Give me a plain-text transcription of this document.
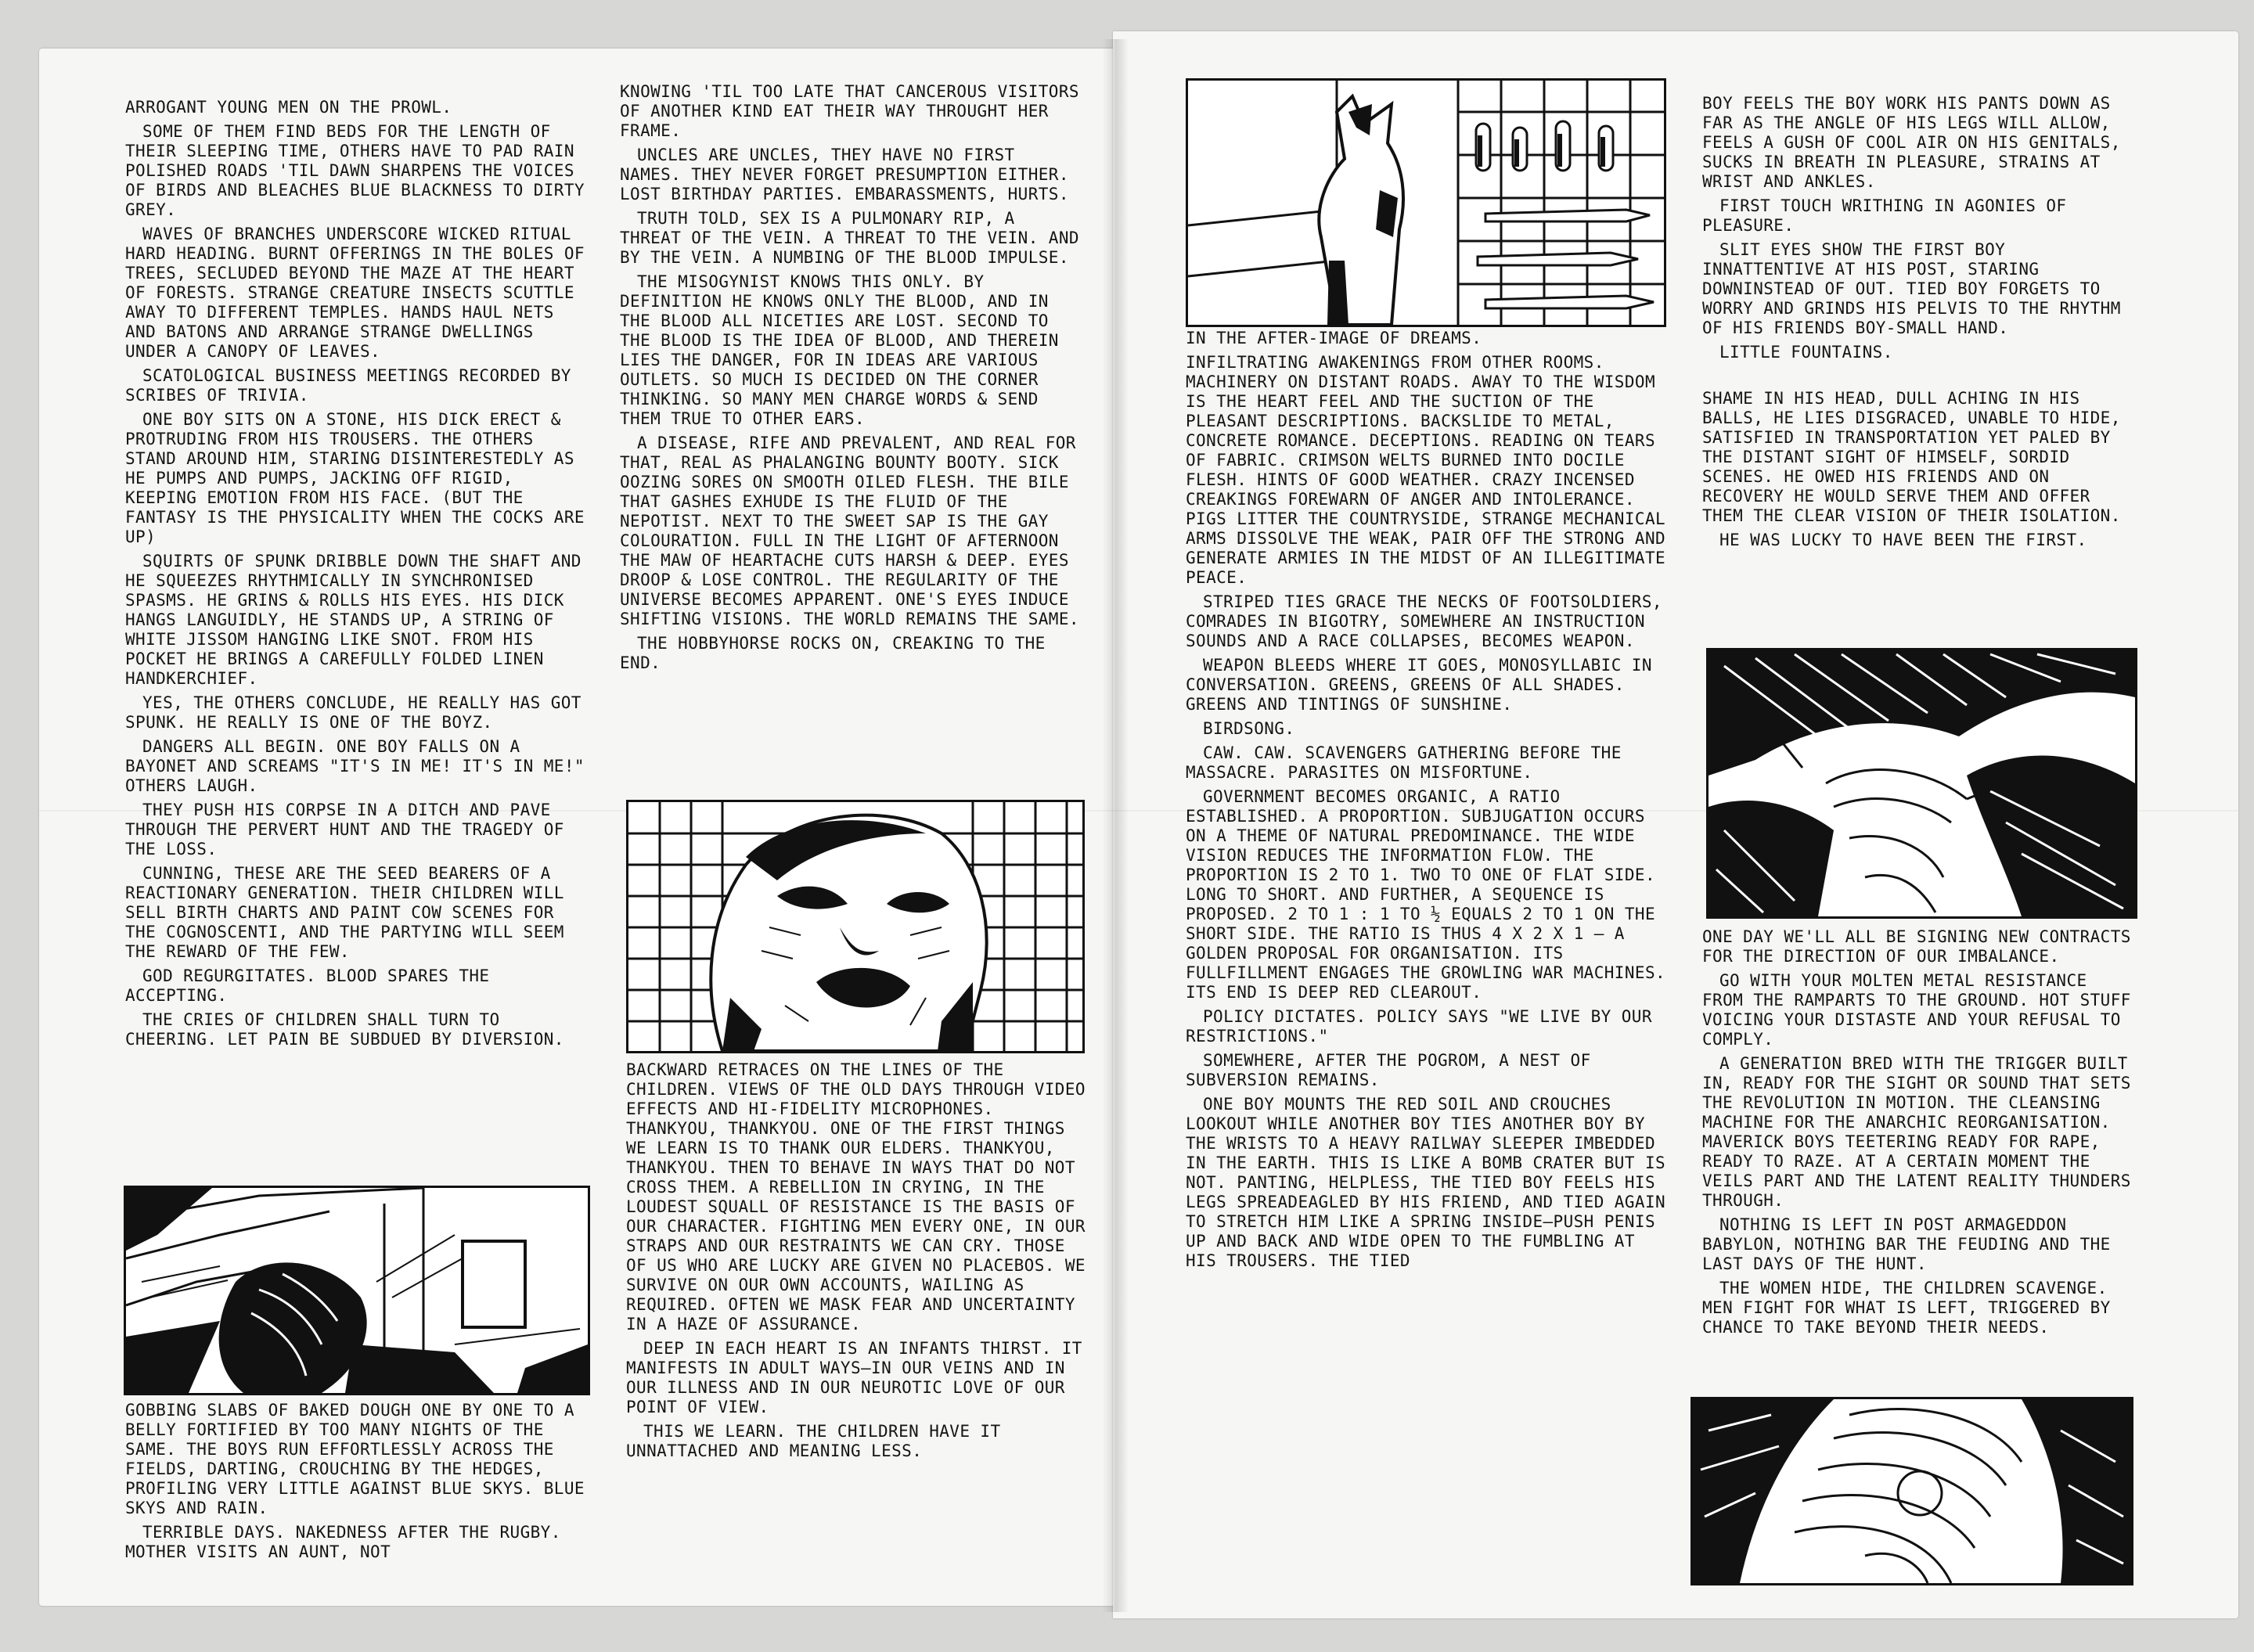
ARROGANT YOUNG MEN ON THE PROWL.

SOME OF THEM FIND BEDS FOR THE LENGTH OF THEIR SLEEPING TIME, OTHERS HAVE TO PAD RAIN POLISHED ROADS 'TIL DAWN SHARPENS THE VOICES OF BIRDS AND BLEACHES BLUE BLACKNESS TO DIRTY GREY.

WAVES OF BRANCHES UNDERSCORE WICKED RITUAL HARD HEADING. BURNT OFFERINGS IN THE BOLES OF TREES, SECLUDED BEYOND THE MAZE AT THE HEART OF FORESTS. STRANGE CREATURE INSECTS SCUTTLE AWAY TO DIFFERENT TEMPLES. HANDS HAUL NETS AND BATONS AND ARRANGE STRANGE DWELLINGS UNDER A CANOPY OF LEAVES.

SCATOLOGICAL BUSINESS MEETINGS RECORDED BY SCRIBES OF TRIVIA.

ONE BOY SITS ON A STONE, HIS DICK ERECT & PROTRUDING FROM HIS TROUSERS. THE OTHERS STAND AROUND HIM, STARING DISINTERESTEDLY AS HE PUMPS AND PUMPS, JACKING OFF RIGID, KEEPING EMOTION FROM HIS FACE. (BUT THE FANTASY IS THE PHYSICALITY WHEN THE COCKS ARE UP)

SQUIRTS OF SPUNK DRIBBLE DOWN THE SHAFT AND HE SQUEEZES RHYTHMICALLY IN SYNCHRONISED SPASMS. HE GRINS & ROLLS HIS EYES. HIS DICK HANGS LANGUIDLY, HE STANDS UP, A STRING OF WHITE JISSOM HANGING LIKE SNOT. FROM HIS POCKET HE BRINGS A CAREFULLY FOLDED LINEN HANDKERCHIEF.

YES, THE OTHERS CONCLUDE, HE REALLY HAS GOT SPUNK. HE REALLY IS ONE OF THE BOYZ.

DANGERS ALL BEGIN. ONE BOY FALLS ON A BAYONET AND SCREAMS "IT'S IN ME! IT'S IN ME!" OTHERS LAUGH.

THEY PUSH HIS CORPSE IN A DITCH AND PAVE THROUGH THE PERVERT HUNT AND THE TRAGEDY OF THE LOSS.

CUNNING, THESE ARE THE SEED BEARERS OF A REACTIONARY GENERATION. THEIR CHILDREN WILL SELL BIRTH CHARTS AND PAINT COW SCENES FOR THE COGNOSCENTI, AND THE PARTYING WILL SEEM THE REWARD OF THE FEW.

GOD REGURGITATES. BLOOD SPARES THE ACCEPTING.

THE CRIES OF CHILDREN SHALL TURN TO CHEERING. LET PAIN BE SUBDUED BY DIVERSION.

GOBBING SLABS OF BAKED DOUGH ONE BY ONE TO A BELLY FORTIFIED BY TOO MANY NIGHTS OF THE SAME. THE BOYS RUN EFFORTLESSLY ACROSS THE FIELDS, DARTING, CROUCHING BY THE HEDGES, PROFILING VERY LITTLE AGAINST BLUE SKYS. BLUE SKYS AND RAIN.

TERRIBLE DAYS. NAKEDNESS AFTER THE RUGBY. MOTHER VISITS AN AUNT, NOT

KNOWING 'TIL TOO LATE THAT CANCEROUS VISITORS OF ANOTHER KIND EAT THEIR WAY THROUGHT HER FRAME.

UNCLES ARE UNCLES, THEY HAVE NO FIRST NAMES. THEY NEVER FORGET PRESUMPTION EITHER. LOST BIRTHDAY PARTIES. EMBARASSMENTS, HURTS.

TRUTH TOLD, SEX IS A PULMONARY RIP, A THREAT OF THE VEIN. A THREAT TO THE VEIN. AND BY THE VEIN. A NUMBING OF THE BLOOD IMPULSE.

THE MISOGYNIST KNOWS THIS ONLY. BY DEFINITION HE KNOWS ONLY THE BLOOD, AND IN THE BLOOD ALL NICETIES ARE LOST. SECOND TO THE BLOOD IS THE IDEA OF BLOOD, AND THEREIN LIES THE DANGER, FOR IN IDEAS ARE VARIOUS OUTLETS. SO MUCH IS DECIDED ON THE CORNER THINKING. SO MANY MEN CHARGE WORDS & SEND THEM TRUE TO OTHER EARS.

A DISEASE, RIFE AND PREVALENT, AND REAL FOR THAT, REAL AS PHALANGING BOUNTY BOOTY. SICK OOZING SORES ON SMOOTH OILED FLESH. THE BILE THAT GASHES EXHUDE IS THE FLUID OF THE NEPOTIST. NEXT TO THE SWEET SAP IS THE GAY COLOURATION. FULL IN THE LIGHT OF AFTERNOON THE MAW OF HEARTACHE CUTS HARSH & DEEP. EYES DROOP & LOSE CONTROL. THE REGULARITY OF THE UNIVERSE BECOMES APPARENT. ONE'S EYES INDUCE SHIFTING VISIONS. THE WORLD REMAINS THE SAME.

THE HOBBYHORSE ROCKS ON, CREAKING TO THE END.

BACKWARD RETRACES ON THE LINES OF THE CHILDREN. VIEWS OF THE OLD DAYS THROUGH VIDEO EFFECTS AND HI-FIDELITY MICROPHONES. THANKYOU, THANKYOU. ONE OF THE FIRST THINGS WE LEARN IS TO THANK OUR ELDERS. THANKYOU, THANKYOU. THEN TO BEHAVE IN WAYS THAT DO NOT CROSS THEM. A REBELLION IN CRYING, IN THE LOUDEST SQUALL OF RESISTANCE IS THE BASIS OF OUR CHARACTER. FIGHTING MEN EVERY ONE, IN OUR STRAPS AND OUR RESTRAINTS WE CAN CRY. THOSE OF US WHO ARE LUCKY ARE GIVEN NO PLACEBOS. WE SURVIVE ON OUR OWN ACCOUNTS, WAILING AS REQUIRED. OFTEN WE MASK FEAR AND UNCERTAINTY IN A HAZE OF ASSURANCE.

DEEP IN EACH HEART IS AN INFANTS THIRST. IT MANIFESTS IN ADULT WAYS—IN OUR VEINS AND IN OUR ILLNESS AND IN OUR NEUROTIC LOVE OF OUR POINT OF VIEW.

THIS WE LEARN. THE CHILDREN HAVE IT UNNATTACHED AND MEANING LESS.

IN THE AFTER-IMAGE OF DREAMS.

INFILTRATING AWAKENINGS FROM OTHER ROOMS. MACHINERY ON DISTANT ROADS. AWAY TO THE WISDOM IS THE HEART FEEL AND THE SUCTION OF THE PLEASANT DESCRIPTIONS. BACKSLIDE TO METAL, CONCRETE ROMANCE. DECEPTIONS. READING ON TEARS OF FABRIC. CRIMSON WELTS BURNED INTO DOCILE FLESH. HINTS OF GOOD WEATHER. CRAZY INCENSED CREAKINGS FOREWARN OF ANGER AND INTOLERANCE. PIGS LITTER THE COUNTRYSIDE, STRANGE MECHANICAL ARMS DISSOLVE THE WEAK, PAIR OFF THE STRONG AND GENERATE ARMIES IN THE MIDST OF AN ILLEGITIMATE PEACE.

STRIPED TIES GRACE THE NECKS OF FOOTSOLDIERS, COMRADES IN BIGOTRY, SOMEWHERE AN INSTRUCTION SOUNDS AND A RACE COLLAPSES, BECOMES WEAPON.

WEAPON BLEEDS WHERE IT GOES, MONOSYLLABIC IN CONVERSATION. GREENS, GREENS OF ALL SHADES. GREENS AND TINTINGS OF SUNSHINE.

BIRDSONG.

CAW. CAW. SCAVENGERS GATHERING BEFORE THE MASSACRE. PARASITES ON MISFORTUNE.

GOVERNMENT BECOMES ORGANIC, A RATIO ESTABLISHED. A PROPORTION. SUBJUGATION OCCURS ON A THEME OF NATURAL PREDOMINANCE. THE WIDE VISION REDUCES THE INFORMATION FLOW. THE PROPORTION IS 2 TO 1. TWO TO ONE OF FLAT SIDE. LONG TO SHORT. AND FURTHER, A SEQUENCE IS PROPOSED. 2 TO 1 : 1 TO ½ EQUALS 2 TO 1 ON THE SHORT SIDE. THE RATIO IS THUS 4 X 2 X 1 — A GOLDEN PROPOSAL FOR ORGANISATION. ITS FULLFILLMENT ENGAGES THE GROWLING WAR MACHINES. ITS END IS DEEP RED CLEAROUT.

POLICY DICTATES. POLICY SAYS "WE LIVE BY OUR RESTRICTIONS."

SOMEWHERE, AFTER THE POGROM, A NEST OF SUBVERSION REMAINS.

ONE BOY MOUNTS THE RED SOIL AND CROUCHES LOOKOUT WHILE ANOTHER BOY TIES ANOTHER BOY BY THE WRISTS TO A HEAVY RAILWAY SLEEPER IMBEDDED IN THE EARTH. THIS IS LIKE A BOMB CRATER BUT IS NOT. PANTING, HELPLESS, THE TIED BOY FEELS HIS LEGS SPREADEAGLED BY HIS FRIEND, AND TIED AGAIN TO STRETCH HIM LIKE A SPRING INSIDE—PUSH PENIS UP AND BACK AND WIDE OPEN TO THE FUMBLING AT HIS TROUSERS. THE TIED

BOY FEELS THE BOY WORK HIS PANTS DOWN AS FAR AS THE ANGLE OF HIS LEGS WILL ALLOW, FEELS A GUSH OF COOL AIR ON HIS GENITALS, SUCKS IN BREATH IN PLEASURE, STRAINS AT WRIST AND ANKLES.

FIRST TOUCH WRITHING IN AGONIES OF PLEASURE.

SLIT EYES SHOW THE FIRST BOY INNATTENTIVE AT HIS POST, STARING DOWNINSTEAD OF OUT. TIED BOY FORGETS TO WORRY AND GRINDS HIS PELVIS TO THE RHYTHM OF HIS FRIENDS BOY-SMALL HAND.

LITTLE FOUNTAINS.

SHAME IN HIS HEAD, DULL ACHING IN HIS BALLS, HE LIES DISGRACED, UNABLE TO HIDE, SATISFIED IN TRANSPORTATION YET PALED BY THE DISTANT SIGHT OF HIMSELF, SORDID SCENES. HE OWED HIS FRIENDS AND ON RECOVERY HE WOULD SERVE THEM AND OFFER THEM THE CLEAR VISION OF THEIR ISOLATION.

HE WAS LUCKY TO HAVE BEEN THE FIRST.

ONE DAY WE'LL ALL BE SIGNING NEW CONTRACTS FOR THE DIRECTION OF OUR IMBALANCE.

GO WITH YOUR MOLTEN METAL RESISTANCE FROM THE RAMPARTS TO THE GROUND. HOT STUFF VOICING YOUR DISTASTE AND YOUR REFUSAL TO COMPLY.

A GENERATION BRED WITH THE TRIGGER BUILT IN, READY FOR THE SIGHT OR SOUND THAT SETS THE REVOLUTION IN MOTION. THE CLEANSING MACHINE FOR THE ANARCHIC REORGANISATION. MAVERICK BOYS TEETERING READY FOR RAPE, READY TO RAZE. AT A CERTAIN MOMENT THE VEILS PART AND THE LATENT REALITY THUNDERS THROUGH.

NOTHING IS LEFT IN POST ARMAGEDDON BABYLON, NOTHING BAR THE FEUDING AND THE LAST DAYS OF THE HUNT.

THE WOMEN HIDE, THE CHILDREN SCAVENGE. MEN FIGHT FOR WHAT IS LEFT, TRIGGERED BY CHANCE TO TAKE BEYOND THEIR NEEDS.
